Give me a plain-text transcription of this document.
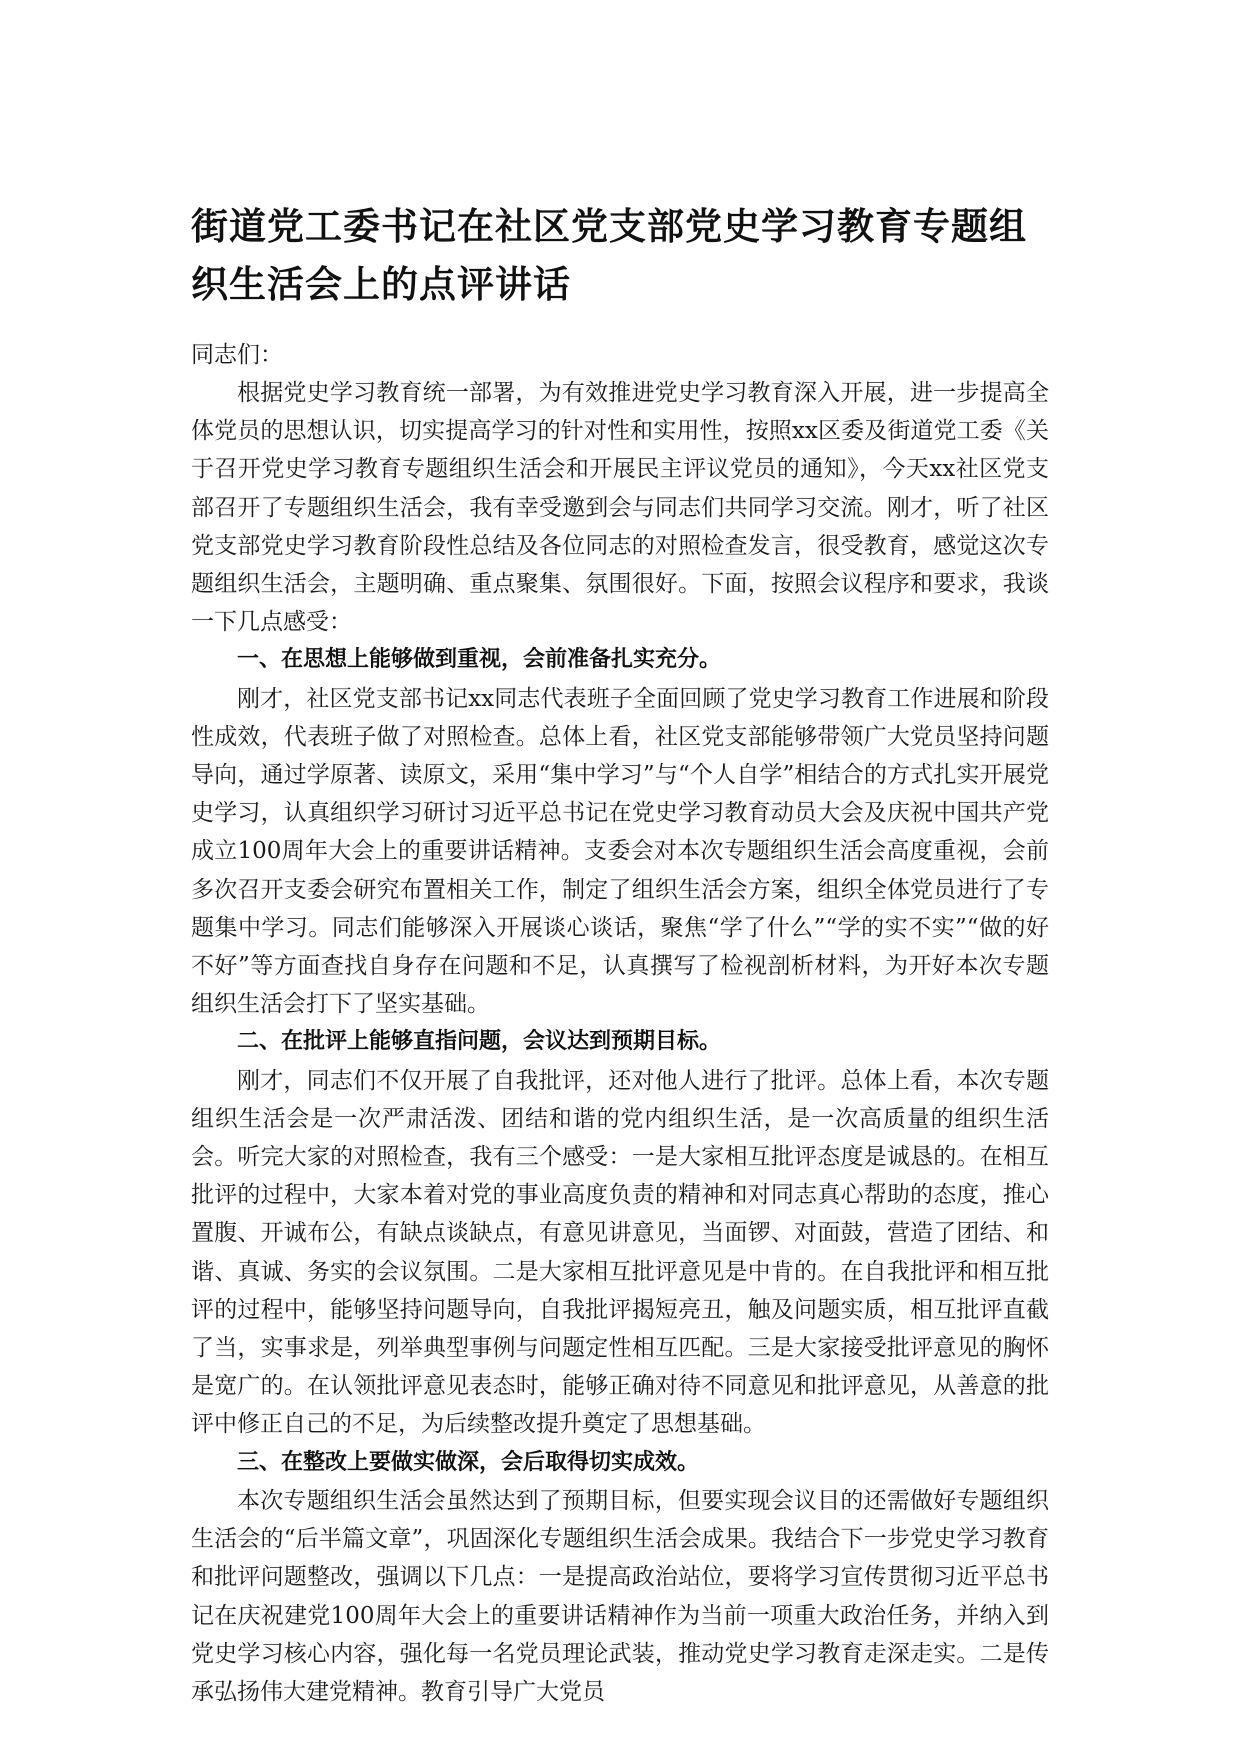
街道党工委书记在社区党支部党史学习教育专题组织生活会上的点评讲话

同志们：

根据党史学习教育统一部署，为有效推进党史学习教育深入开展，进一步提高全体党员的思想认识，切实提高学习的针对性和实用性，按照xx区委及街道党工委《关于召开党史学习教育专题组织生活会和开展民主评议党员的通知》，今天xx社区党支部召开了专题组织生活会，我有幸受邀到会与同志们共同学习交流。刚才，听了社区党支部党史学习教育阶段性总结及各位同志的对照检查发言，很受教育，感觉这次专题组织生活会，主题明确、重点聚集、氛围很好。下面，按照会议程序和要求，我谈一下几点感受：

一、在思想上能够做到重视，会前准备扎实充分。

刚才，社区党支部书记xx同志代表班子全面回顾了党史学习教育工作进展和阶段性成效，代表班子做了对照检查。总体上看，社区党支部能够带领广大党员坚持问题导向，通过学原著、读原文，采用“集中学习”与“个人自学”相结合的方式扎实开展党史学习，认真组织学习研讨习近平总书记在党史学习教育动员大会及庆祝中国共产党成立100周年大会上的重要讲话精神。支委会对本次专题组织生活会高度重视，会前多次召开支委会研究布置相关工作，制定了组织生活会方案，组织全体党员进行了专题集中学习。同志们能够深入开展谈心谈话，聚焦“学了什么”“学的实不实”“做的好不好”等方面查找自身存在问题和不足，认真撰写了检视剖析材料，为开好本次专题组织生活会打下了坚实基础。

二、在批评上能够直指问题，会议达到预期目标。

刚才，同志们不仅开展了自我批评，还对他人进行了批评。总体上看，本次专题组织生活会是一次严肃活泼、团结和谐的党内组织生活，是一次高质量的组织生活会。听完大家的对照检查，我有三个感受：一是大家相互批评态度是诚恳的。在相互批评的过程中，大家本着对党的事业高度负责的精神和对同志真心帮助的态度，推心置腹、开诚布公，有缺点谈缺点，有意见讲意见，当面锣、对面鼓，营造了团结、和谐、真诚、务实的会议氛围。二是大家相互批评意见是中肯的。在自我批评和相互批评的过程中，能够坚持问题导向，自我批评揭短亮丑，触及问题实质，相互批评直截了当，实事求是，列举典型事例与问题定性相互匹配。三是大家接受批评意见的胸怀是宽广的。在认领批评意见表态时，能够正确对待不同意见和批评意见，从善意的批评中修正自己的不足，为后续整改提升奠定了思想基础。

三、在整改上要做实做深，会后取得切实成效。

本次专题组织生活会虽然达到了预期目标，但要实现会议目的还需做好专题组织生活会的“后半篇文章”，巩固深化专题组织生活会成果。我结合下一步党史学习教育和批评问题整改，强调以下几点：一是提高政治站位，要将学习宣传贯彻习近平总书记在庆祝建党100周年大会上的重要讲话精神作为当前一项重大政治任务，并纳入到党史学习核心内容，强化每一名党员理论武装，推动党史学习教育走深走实。二是传承弘扬伟大建党精神。教育引导广大党员
